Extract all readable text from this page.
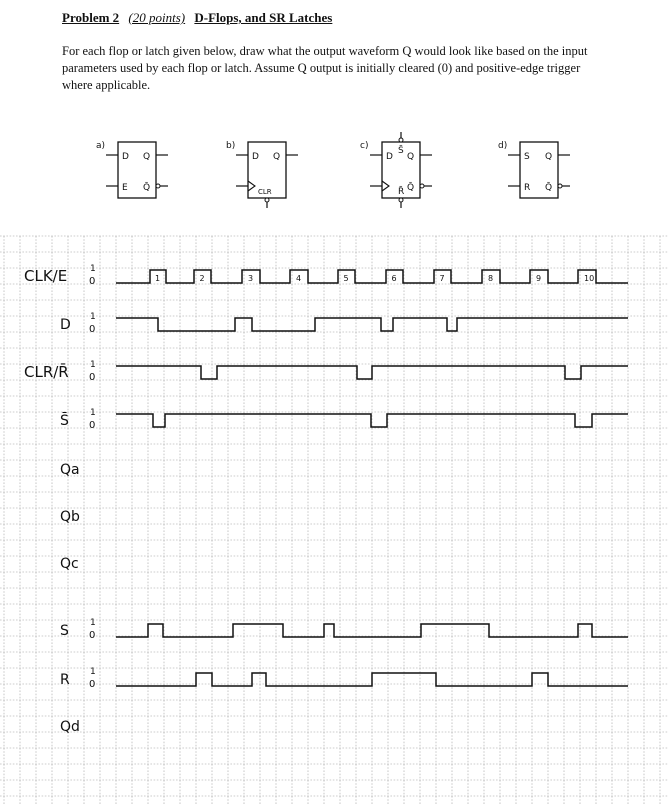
Problem 2 (20 points) D-Flops, and SR Latches
For each flop or latch given below, draw what the output waveform Q would look like based on the input parameters used by each flop or latch. Assume Q output is initially cleared (0) and positive-edge trigger where applicable.
a)
D
E
Q
Q̄
b)
D Q
CLR
c)
D Q
Q̄
S̄
R̄
d)
S
R
Q
Q̄
CLK/E	1
0	1	2	3	4	5	6	7	8	9	10
D 1
0
CLR/R̄ 1
0
S̄ 1
0
Qa
Qb
Qc
S 1
0
R 1
0
Qd
